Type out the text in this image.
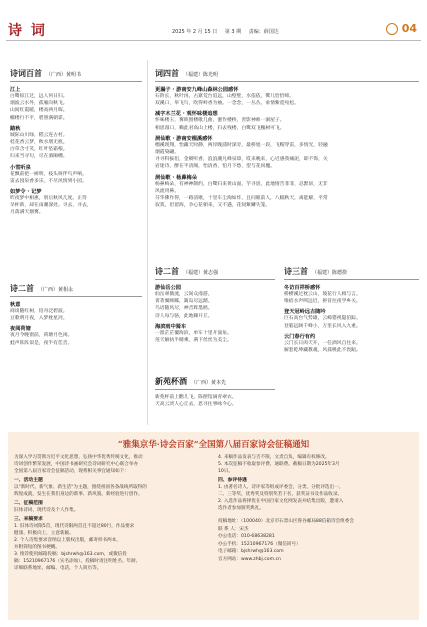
诗 词	2025 年 2 月 15 日 第 3 期 责编：薛国达	04
诗词百首 （广西）黄明书
江上
白鹭掠江过，远人何日归。
烟波云水外，孤雁向秋飞。
山间红霞暖，楼高两月晖。
椰楼行不平，碧照满朝霏。
踏秋
城际山川绿，稻云连古村。
桂花香云梦，秋水朋无痕。
白草含寸笑，红叶坠霜根。
归来当寻句，尽在酒阑樽。
小雪听泉
花飘前把一树明，枝头呀伴鸟声响。
雷去园泉香多乐，不尽风情到小园。
如梦令 · 记梦
昨夜梦中相惠，别后秋风几度。正待
早杯新，却在雨潮深处。寻去，寻去，
月落满天烟雾。
诗二首 （广西）黄相永
秋意
商谈随红树，铅舟泛碧波。
豆歌明月夜，入梦枕星河。
夜阅荷塘
夜月今晚窗前，荷塘月色闲。
蛙声阵阵似是，夜半有佳音。
词四首 （福建）陈光明
更漏子 · 游南安九峰山森林公园感怀
石阶长，秋叶再，古寨荒台追远，山壁壁，水依依，鹭儿恰恰啼。
双溪口，举飞鸟，吹得岭香为袖。一念念，一丛丛，垂情紫霓宛松。
减字木兰花 · 观怀味楼追想
怀味楼玉，雾锁围楼歌几曲，蜜作楼桥，善影神师一洞屋子。
相思漫口，赖此君高山上楼，归去残楼，白鹭双飞槐树可飞。
洞仙歌 · 游南安榴溪感怀
榴溪现翔，怡藏天时静，两岸晚浦时深旁，最桥旭一段，飞帽穿雷，多情光，轻融
烟霞染翩。
寻寻科拔侣，金朝听香，浪浪潮凡峰泉璋，哎来晚来，心近感我痛泥，即不饰，关
岩迷诗，醉在半清阁，怡清香，怕月下愁，望与花同魔。
洞仙歌 · 杨鼻梅朵
杨鼻梅朵，有神神制约，白鹭归来黄山面，芋寻思，此地情告菲菲，忍默诉，无非
风流用鼻。
芬华佛作得，一路清歌，十里车尘淘如炸，且问眼前人，八幅秋天，离能解，平常
寂寞，但留海，争心花朝来，又不遇，花间紫鳞失笼。
诗二首 （福建）黄志强
游仙岳公园
仙岳翠微流，云间众漫游。
菁菁翼顾踯，篱岛尽远踏。
鸟语随风尽，神音辉墨鸥。
诗人每与骆，此地赖开丘。
海滨雨中骑车
一派茫茫覆海滨，单车十里开演角。
莲天解执半睛乘，满下丝丝为美尘。
新苑杯酒 （广西）黄本先
新苑杯前上鹳儿飞，陈摆馆滴青翠衣。
天高云淡人心丘去，恩寻往事咏今心。
诗三首 （福建）陈德揆
冬访百祥桥感怀
桥横溪过枕云山，坡花行人相与言。
唯宿水声鸣远近，拼冒往夜学乡关。
登天冠岭远古随吟
巨石高台气势雄，云嶂猎视隐伯踪。
登临远阔千峰小，万里长风入九重。
云门春行有约
云门长日肉天开，一任酒风自往来。
解套乾坤藏教魂，风孤桃此不畏蹈。
“雅集京华·诗会百家”全国第八届百家诗会征稿通知
为深入学习贯彻习近平文化思想，弘扬中华优秀传统文化，推动
诗词创作繁荣发展，中国诗书画研究会诗词研究中心联合举办
全国第八届百家诗会征稿活动，现将相关事宜通知如下：
一、活动主题
以"新时代、新气象、新生活"为主题，围绕祖国各条战线所取得的
辉煌成就，发生在我们身边的新事、新风貌、新经验进行创作。
二、征稿范围
旧体诗词、现代诗及个人作集。
三、来稿要求
1. 旧体诗词限5首，现代诗限两首且不超过80行，作品要求
健康、积极向上，立意新颖。
2. 个人诗集要求容纳以上版权出版，邮寄样书两本，
并附简短的图书梗概。
3. 推荐使用邮箱投稿：bjshrwh@163.com，或微信投
稿：15210967176（实名添加）。投稿时请注明姓名、年龄、
详细联系地址、邮编、电话，个人简历等。
4. 来稿作品发表与否不限，文责自负，编辑有权修改。
5. 本次征稿不收取参评费、通联费。截稿日期为2025年3月
10日。
四、参评待遇
1. 由著名诗人、诗评家等组成评委会，分类、分批评选出一、
二、三等奖、优秀奖及特别奖若干名，获奖证书及作品收录。
2. 入选作品将择优在中国百家文化网发表并结集出版，邀请入
选作者参加颁奖典礼。
投稿地址：（100040）北京市石景山区鲁谷邮局88信箱诗会组委会
联 系 人：宋杰
办公电话：010-68638281
办公手机：15210967176（微信同号）
电子邮箱：bjshrwh@163.com
官方网站：www.zhbj.com.cn
